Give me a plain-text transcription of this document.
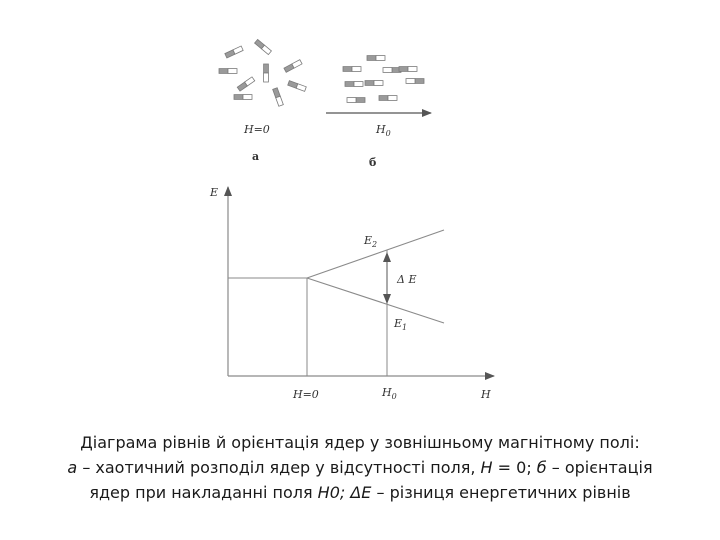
H=0
а
$H_0$
б
E
H
$E_2$
$E_1$
Δ E
H=0	$H_0$
Діаграма рівнів й орієнтація ядер у зовнішньому магнітному полі:
а – хаотичний розподіл ядер у відсутності поля, Н = 0; б – орієнтація
ядер при накладанні поля Н0; ΔЕ – різниця енергетичних рівнів
